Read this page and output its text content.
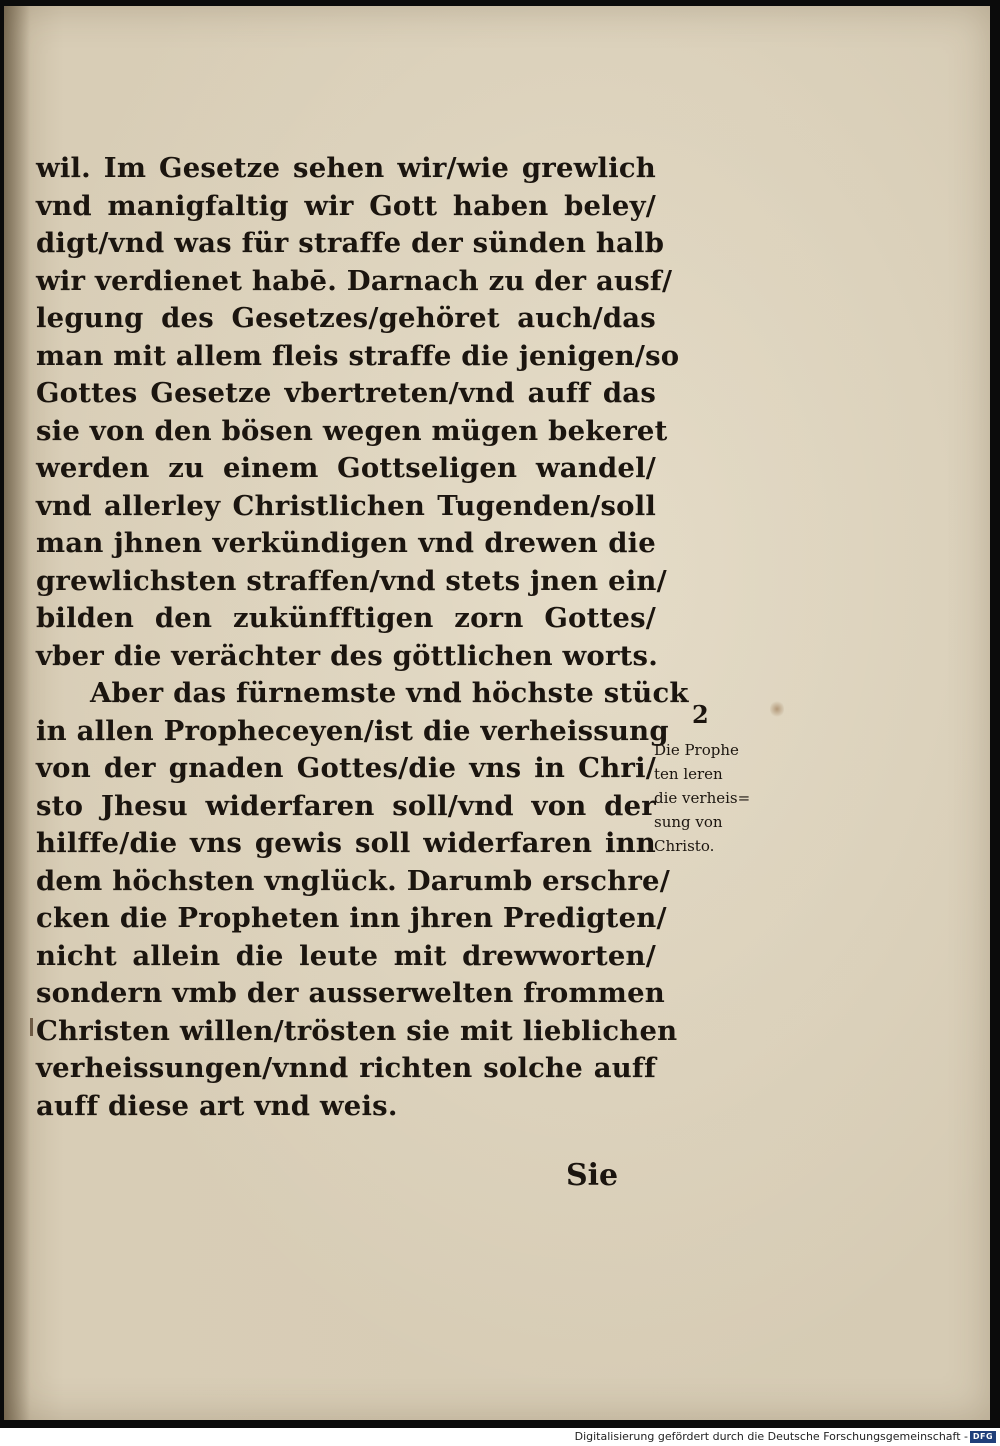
wil. Im Gesetze sehen wir/wie grewlich
vnd manigfaltig wir Gott haben beley/
digt/vnd was für straffe der sünden halb
wir verdienet habē. Darnach zu der ausf/
legung des Gesetzes/gehöret auch/das
man mit allem fleis straffe die jenigen/so
Gottes Gesetze vbertreten/vnd auff das
sie von den bösen wegen mügen bekeret
werden zu einem Gottseligen wandel/
vnd allerley Christlichen Tugenden/soll
man jhnen verkündigen vnd drewen die
grewlichsten straffen/vnd stets jnen ein/
bilden den zukünfftigen zorn Gottes/
vber die verächter des göttlichen worts.
Aber das fürnemste vnd höchste stück
in allen Propheceyen/ist die verheissung
von der gnaden Gottes/die vns in Chri/
sto Jhesu widerfaren soll/vnd von der
hilffe/die vns gewis soll widerfaren inn
dem höchsten vnglück. Darumb erschre/
cken die Propheten inn jhren Predigten/
nicht allein die leute mit drewworten/
sondern vmb der ausserwelten frommen
Christen willen/trösten sie mit lieblichen
verheissungen/vnnd richten solche auff
auff diese art vnd weis.
2
Die Prophe
ten leren
die verheis=
sung von
Christo.
Sie
Digitalisierung gefördert durch die Deutsche Forschungsgemeinschaft - DFG
